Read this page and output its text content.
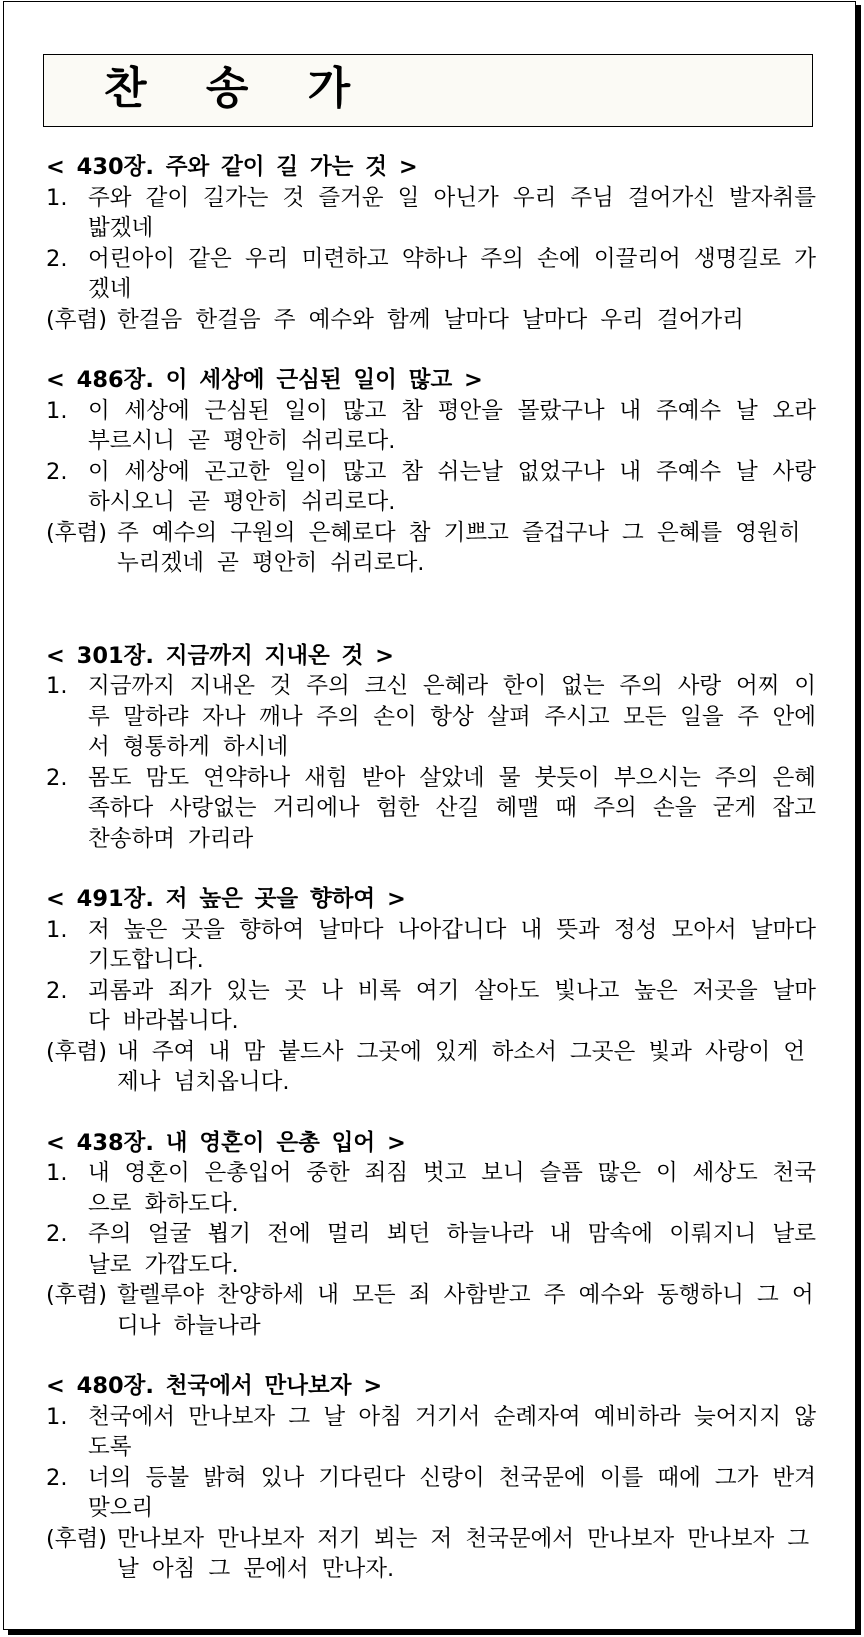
찬 송 가
< 430장. 주와 같이 길 가는 것 >
1. 주와 같이 길가는 것 즐거운 일 아닌가 우리 주님 걸어가신 발자취를 밟겠네
2. 어린아이 같은 우리 미련하고 약하나 주의 손에 이끌리어 생명길로 가겠네
(후렴) 한걸음 한걸음 주 예수와 함께 날마다 날마다 우리 걸어가리
< 486장. 이 세상에 근심된 일이 많고 >
1. 이 세상에 근심된 일이 많고 참 평안을 몰랐구나 내 주예수 날 오라 부르시니 곧 평안히 쉬리로다.
2. 이 세상에 곤고한 일이 많고 참 쉬는날 없었구나 내 주예수 날 사랑하시오니 곧 평안히 쉬리로다.
(후렴) 주 예수의 구원의 은혜로다 참 기쁘고 즐겁구나 그 은혜를 영원히 누리겠네 곧 평안히 쉬리로다.
< 301장. 지금까지 지내온 것 >
1. 지금까지 지내온 것 주의 크신 은혜라 한이 없는 주의 사랑 어찌 이루 말하랴 자나 깨나 주의 손이 항상 살펴 주시고 모든 일을 주 안에서 형통하게 하시네
2. 몸도 맘도 연약하나 새힘 받아 살았네 물 붓듯이 부으시는 주의 은혜 족하다 사랑없는 거리에나 험한 산길 헤맬 때 주의 손을 굳게 잡고 찬송하며 가리라
< 491장. 저 높은 곳을 향하여 >
1. 저 높은 곳을 향하여 날마다 나아갑니다 내 뜻과 정성 모아서 날마다 기도합니다.
2. 괴롬과 죄가 있는 곳 나 비록 여기 살아도 빛나고 높은 저곳을 날마다 바라봅니다.
(후렴) 내 주여 내 맘 붙드사 그곳에 있게 하소서 그곳은 빛과 사랑이 언제나 넘치옵니다.
< 438장. 내 영혼이 은총 입어 >
1. 내 영혼이 은총입어 중한 죄짐 벗고 보니 슬픔 많은 이 세상도 천국으로 화하도다.
2. 주의 얼굴 뵙기 전에 멀리 뵈던 하늘나라 내 맘속에 이뤄지니 날로 날로 가깝도다.
(후렴) 할렐루야 찬양하세 내 모든 죄 사함받고 주 예수와 동행하니 그 어디나 하늘나라
< 480장. 천국에서 만나보자 >
1. 천국에서 만나보자 그 날 아침 거기서 순례자여 예비하라 늦어지지 않도록
2. 너의 등불 밝혀 있나 기다린다 신랑이 천국문에 이를 때에 그가 반겨 맞으리
(후렴) 만나보자 만나보자 저기 뵈는 저 천국문에서 만나보자 만나보자 그 날 아침 그 문에서 만나자.
